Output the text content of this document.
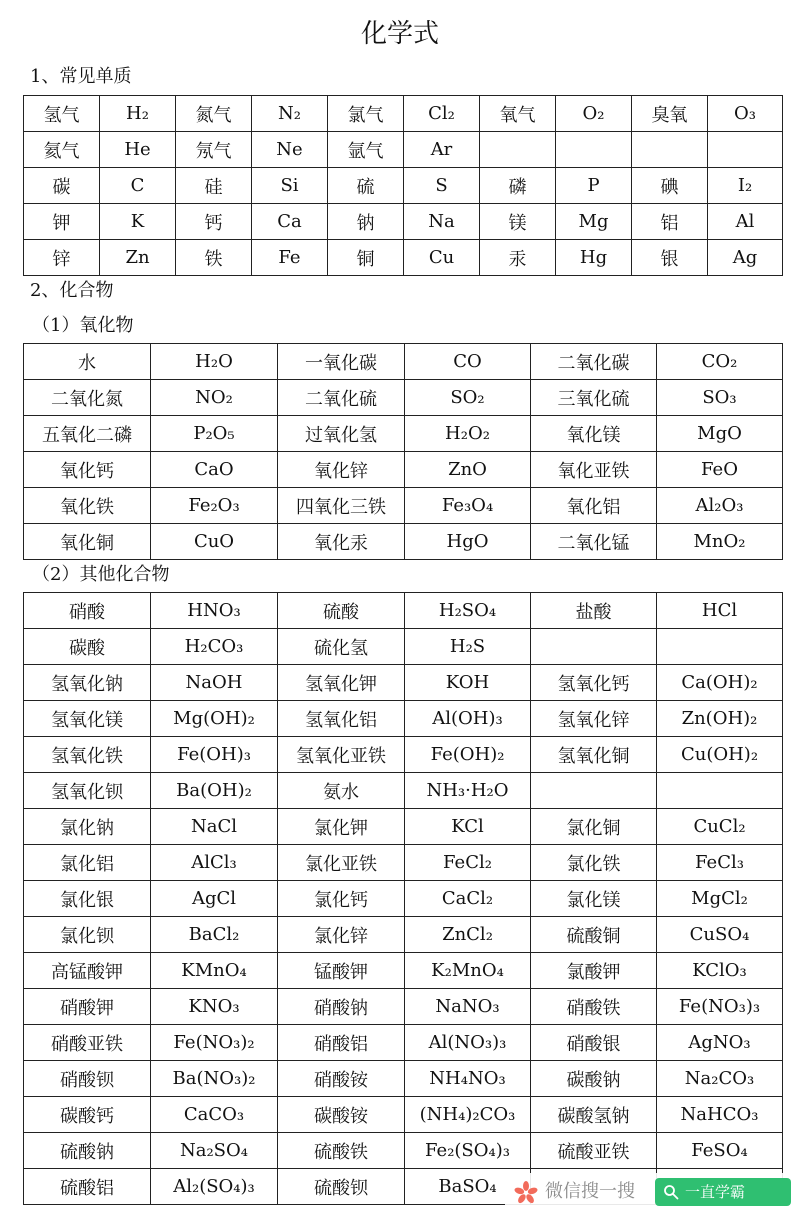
化学式
1、常见单质
氢气	H₂	氮气	N₂	氯气	Cl₂	氧气	O₂	臭氧	O₃
氦气	He	氖气	Ne	氩气	Ar				
碳	C	硅	Si	硫	S	磷	P	碘	I₂
钾	K	钙	Ca	钠	Na	镁	Mg	铝	Al
锌	Zn	铁	Fe	铜	Cu	汞	Hg	银	Ag
2、化合物
（1）氧化物
水	H₂O	一氧化碳	CO	二氧化碳	CO₂
二氧化氮	NO₂	二氧化硫	SO₂	三氧化硫	SO₃
五氧化二磷	P₂O₅	过氧化氢	H₂O₂	氧化镁	MgO
氧化钙	CaO	氧化锌	ZnO	氧化亚铁	FeO
氧化铁	Fe₂O₃	四氧化三铁	Fe₃O₄	氧化铝	Al₂O₃
氧化铜	CuO	氧化汞	HgO	二氧化锰	MnO₂
（2）其他化合物
硝酸	HNO₃	硫酸	H₂SO₄	盐酸	HCl
碳酸	H₂CO₃	硫化氢	H₂S		
氢氧化钠	NaOH	氢氧化钾	KOH	氢氧化钙	Ca(OH)₂
氢氧化镁	Mg(OH)₂	氢氧化铝	Al(OH)₃	氢氧化锌	Zn(OH)₂
氢氧化铁	Fe(OH)₃	氢氧化亚铁	Fe(OH)₂	氢氧化铜	Cu(OH)₂
氢氧化钡	Ba(OH)₂	氨水	NH₃·H₂O		
氯化钠	NaCl	氯化钾	KCl	氯化铜	CuCl₂
氯化铝	AlCl₃	氯化亚铁	FeCl₂	氯化铁	FeCl₃
氯化银	AgCl	氯化钙	CaCl₂	氯化镁	MgCl₂
氯化钡	BaCl₂	氯化锌	ZnCl₂	硫酸铜	CuSO₄
高锰酸钾	KMnO₄	锰酸钾	K₂MnO₄	氯酸钾	KClO₃
硝酸钾	KNO₃	硝酸钠	NaNO₃	硝酸铁	Fe(NO₃)₃
硝酸亚铁	Fe(NO₃)₂	硝酸铝	Al(NO₃)₃	硝酸银	AgNO₃
硝酸钡	Ba(NO₃)₂	硝酸铵	NH₄NO₃	碳酸钠	Na₂CO₃
碳酸钙	CaCO₃	碳酸铵	(NH₄)₂CO₃	碳酸氢钠	NaHCO₃
硫酸钠	Na₂SO₄	硫酸铁	Fe₂(SO₄)₃	硫酸亚铁	FeSO₄
硫酸铝	Al₂(SO₄)₃	硫酸钡	BaSO₄			微信搜一搜	一直学霸
